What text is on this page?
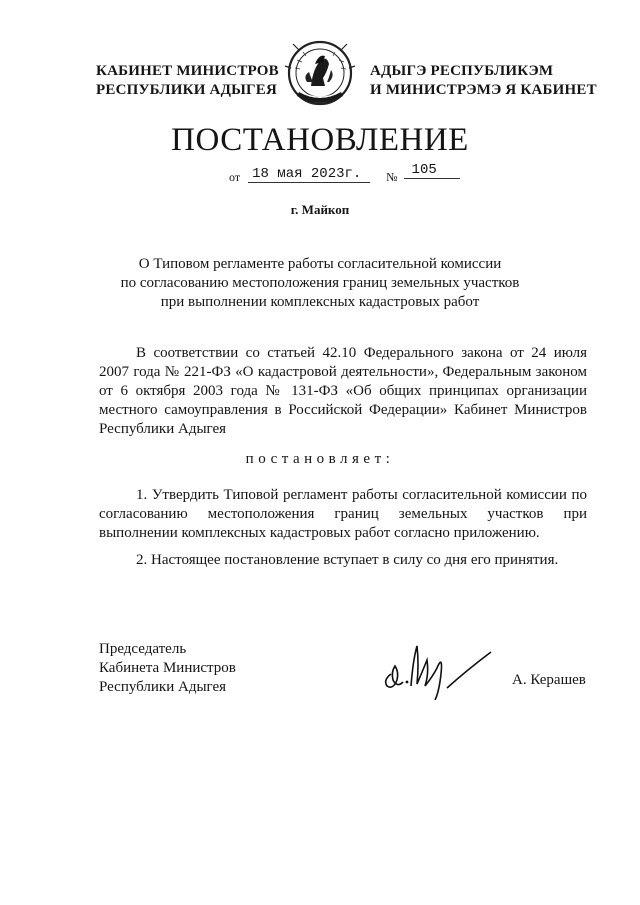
КАБИНЕТ МИНИСТРОВ
РЕСПУБЛИКИ АДЫГЕЯ
АДЫГЭ РЕСПУБЛИКЭМ
И МИНИСТРЭМЭ Я КАБИНЕТ
ПОСТАНОВЛЕНИЕ
$_{от}$ 18 мая 2023г. $_№$ 105
г. Майкоп
О Типовом регламенте работы согласительной комиссии
по согласованию местоположения границ земельных участков
при выполнении комплексных кадастровых работ
В соответствии со статьей 42.10 Федерального закона от 24 июля 2007 года № 221-ФЗ «О кадастровой деятельности», Федеральным законом от 6 октября 2003 года № 131-ФЗ «Об общих принципах организации местного самоуправления в Российской Федерации» Кабинет Министров Республики Адыгея
постановляет:
1. Утвердить Типовой регламент работы согласительной комиссии по согласованию местоположения границ земельных участков при выполнении комплексных кадастровых работ согласно приложению.
2. Настоящее постановление вступает в силу со дня его принятия.
Председатель
Кабинета Министров
Республики Адыгея	А. Керашев
